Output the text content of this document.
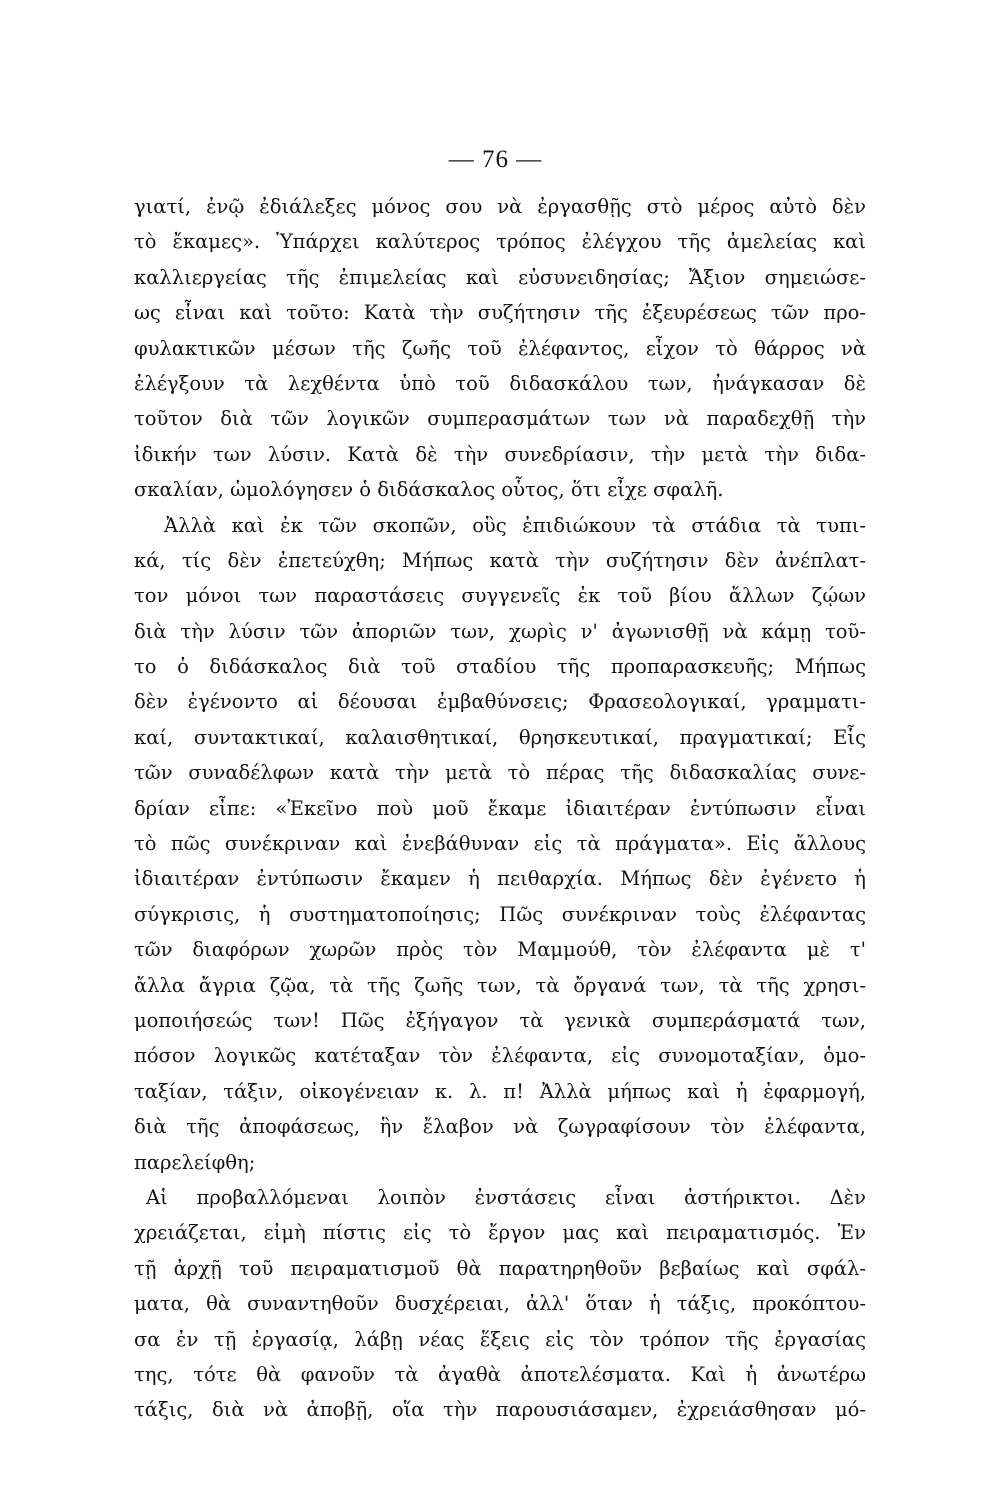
— 76 —
γιατί, ἐνῷ ἐδιάλεξες μόνος σου νὰ ἐργασθῇς στὸ μέρος αὐτὸ δὲν
τὸ ἔκαμες». Ὑπάρχει καλύτερος τρόπος ἐλέγχου τῆς ἀμελείας καὶ
καλλιεργείας τῆς ἐπιμελείας καὶ εὐσυνειδησίας; Ἄξιον σημειώσε-
ως εἶναι καὶ τοῦτο: Κατὰ τὴν συζήτησιν τῆς ἐξευρέσεως τῶν προ-
φυλακτικῶν μέσων τῆς ζωῆς τοῦ ἐλέφαντος, εἶχον τὸ θάρρος νὰ
ἐλέγξουν τὰ λεχθέντα ὑπὸ τοῦ διδασκάλου των, ἠνάγκασαν δὲ
τοῦτον διὰ τῶν λογικῶν συμπερασμάτων των νὰ παραδεχθῇ τὴν
ἰδικήν των λύσιν. Κατὰ δὲ τὴν συνεδρίασιν, τὴν μετὰ τὴν διδα-
σκαλίαν, ὡμολόγησεν ὁ διδάσκαλος οὗτος, ὅτι εἶχε σφαλῆ.
Ἀλλὰ καὶ ἐκ τῶν σκοπῶν, οὓς ἐπιδιώκουν τὰ στάδια τὰ τυπι-
κά, τίς δὲν ἐπετεύχθη; Μήπως κατὰ τὴν συζήτησιν δὲν ἀνέπλατ-
τον μόνοι των παραστάσεις συγγενεῖς ἐκ τοῦ βίου ἄλλων ζῴων
διὰ τὴν λύσιν τῶν ἀποριῶν των, χωρὶς ν' ἀγωνισθῇ νὰ κάμῃ τοῦ-
το ὁ διδάσκαλος διὰ τοῦ σταδίου τῆς προπαρασκευῆς; Μήπως
δὲν ἐγένοντο αἱ δέουσαι ἐμβαθύνσεις; Φρασεολογικαί, γραμματι-
καί, συντακτικαί, καλαισθητικαί, θρησκευτικαί, πραγματικαί; Εἷς
τῶν συναδέλφων κατὰ τὴν μετὰ τὸ πέρας τῆς διδασκαλίας συνε-
δρίαν εἶπε: «Ἐκεῖνο ποὺ μοῦ ἔκαμε ἰδιαιτέραν ἐντύπωσιν εἶναι
τὸ πῶς συνέκριναν καὶ ἐνεβάθυναν εἰς τὰ πράγματα». Εἰς ἄλλους
ἰδιαιτέραν ἐντύπωσιν ἔκαμεν ἡ πειθαρχία. Μήπως δὲν ἐγένετο ἡ
σύγκρισις, ἡ συστηματοποίησις; Πῶς συνέκριναν τοὺς ἐλέφαντας
τῶν διαφόρων χωρῶν πρὸς τὸν Μαμμούθ, τὸν ἐλέφαντα μὲ τ'
ἄλλα ἄγρια ζῷα, τὰ τῆς ζωῆς των, τὰ ὄργανά των, τὰ τῆς χρησι-
μοποιήσεώς των! Πῶς ἐξήγαγον τὰ γενικὰ συμπεράσματά των,
πόσον λογικῶς κατέταξαν τὸν ἐλέφαντα, εἰς συνομοταξίαν, ὁμο-
ταξίαν, τάξιν, οἰκογένειαν κ. λ. π! Ἀλλὰ μήπως καὶ ἡ ἐφαρμογή,
διὰ τῆς ἀποφάσεως, ἣν ἔλαβον νὰ ζωγραφίσουν τὸν ἐλέφαντα,
παρελείφθη;
Αἱ προβαλλόμεναι λοιπὸν ἐνστάσεις εἶναι ἀστήρικτοι. Δὲν
χρειάζεται, εἰμὴ πίστις εἰς τὸ ἔργον μας καὶ πειραματισμός. Ἐν
τῇ ἀρχῇ τοῦ πειραματισμοῦ θὰ παρατηρηθοῦν βεβαίως καὶ σφάλ-
ματα, θὰ συναντηθοῦν δυσχέρειαι, ἀλλ' ὅταν ἡ τάξις, προκόπτου-
σα ἐν τῇ ἐργασίᾳ, λάβῃ νέας ἕξεις εἰς τὸν τρόπον τῆς ἐργασίας
της, τότε θὰ φανοῦν τὰ ἀγαθὰ ἀποτελέσματα. Καὶ ἡ ἀνωτέρω
τάξις, διὰ νὰ ἀποβῇ, οἵα τὴν παρουσιάσαμεν, ἐχρειάσθησαν μό-
